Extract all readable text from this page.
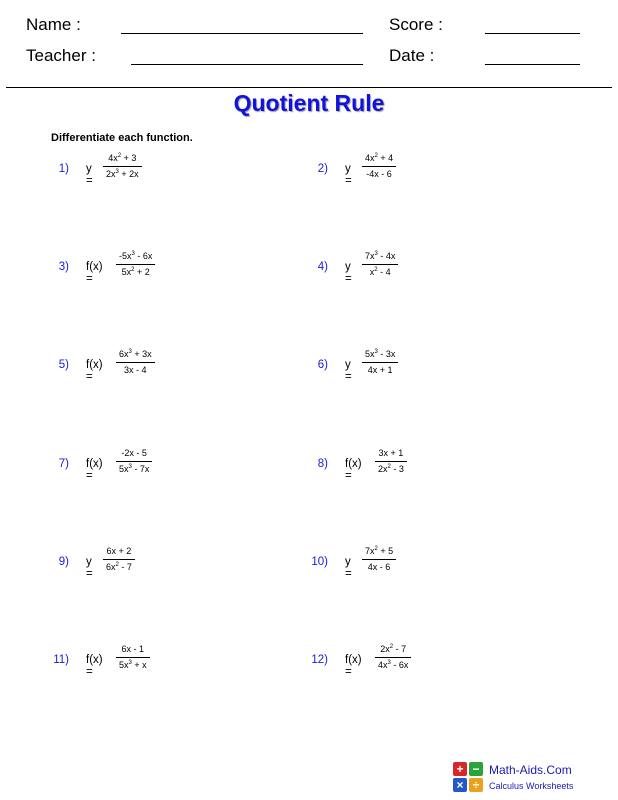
Name :	Score :
Teacher :	Date :
Quotient Rule
Differentiate each function.
1) y =
$\frac{4x^2 + 3}{2x^3 + 2x}$	2) y =
$\frac{4x^2 + 4}{-4x - 6}$
3) f(x) =
$\frac{-5x^3 - 6x}{5x^2 + 2}$	4) y =
$\frac{7x^3 - 4x}{x^2 - 4}$
5) f(x) =
$\frac{6x^3 + 3x}{3x - 4}$	6) y =
$\frac{5x^3 - 3x}{4x + 1}$
7) f(x) =
$\frac{-2x - 5}{5x^3 - 7x}$	8) f(x) =
$\frac{3x + 1}{2x^2 - 3}$
9) y =
$\frac{6x + 2}{6x^2 - 7}$	10) y =
$\frac{7x^2 + 5}{4x - 6}$
11) f(x) =
$\frac{6x - 1}{5x^3 + x}$	12) f(x) =
$\frac{2x^2 - 7}{4x^3 - 6x}$
+ −
× ÷
Math-Aids.Com
Calculus Worksheets
